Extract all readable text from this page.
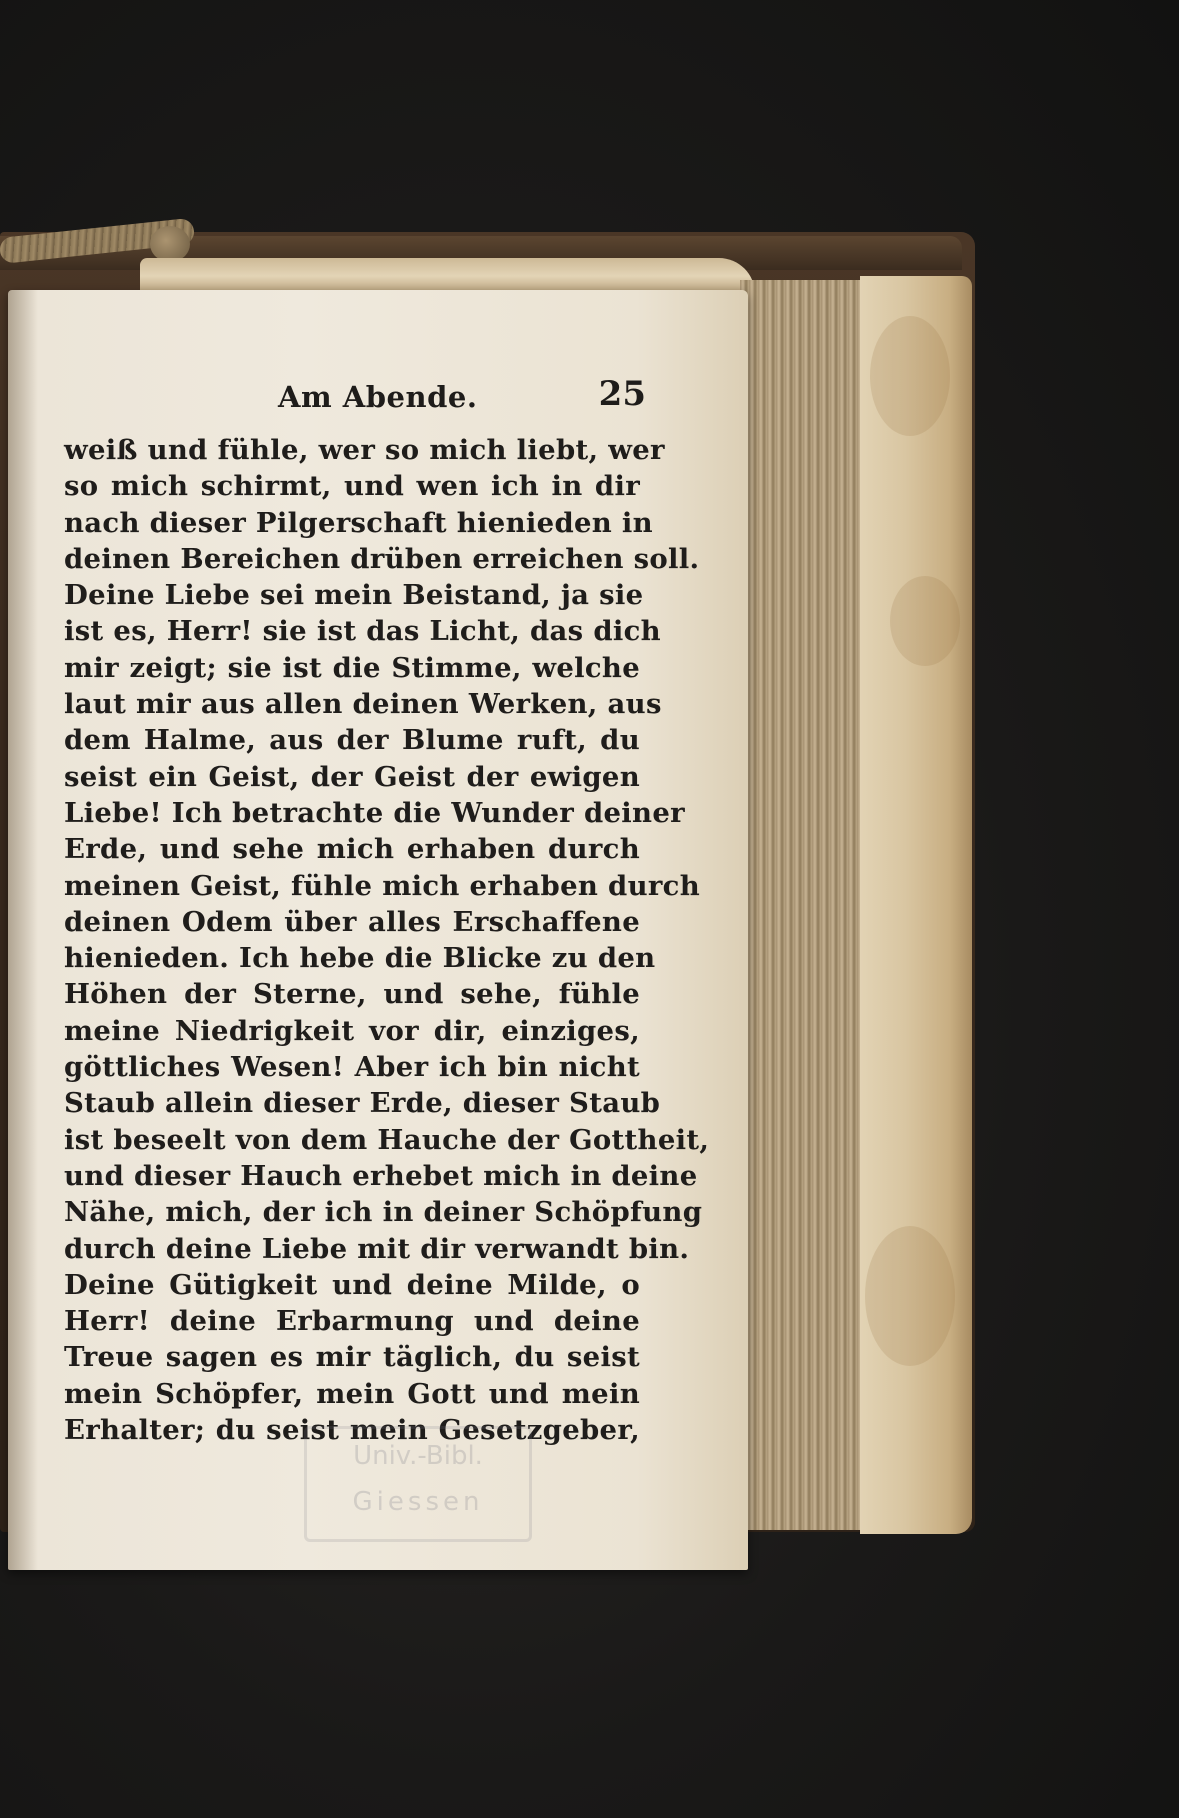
Am Abende.	25
weiß und fühle, wer so mich liebt, wer
so mich schirmt, und wen ich in dir
nach dieser Pilgerschaft hienieden in
deinen Bereichen drüben erreichen soll.
Deine Liebe sei mein Beistand, ja sie
ist es, Herr! sie ist das Licht, das dich
mir zeigt; sie ist die Stimme, welche
laut mir aus allen deinen Werken, aus
dem Halme, aus der Blume ruft, du
seist ein Geist, der Geist der ewigen
Liebe! Ich betrachte die Wunder deiner
Erde, und sehe mich erhaben durch
meinen Geist, fühle mich erhaben durch
deinen Odem über alles Erschaffene
hienieden. Ich hebe die Blicke zu den
Höhen der Sterne, und sehe, fühle
meine Niedrigkeit vor dir, einziges,
göttliches Wesen! Aber ich bin nicht
Staub allein dieser Erde, dieser Staub
ist beseelt von dem Hauche der Gottheit,
und dieser Hauch erhebet mich in deine
Nähe, mich, der ich in deiner Schöpfung
durch deine Liebe mit dir verwandt bin.
Deine Gütigkeit und deine Milde, o
Herr! deine Erbarmung und deine
Treue sagen es mir täglich, du seist
mein Schöpfer, mein Gott und mein
Erhalter; du seist mein Gesetzgeber,
Univ.-Bibl.
Giessen
